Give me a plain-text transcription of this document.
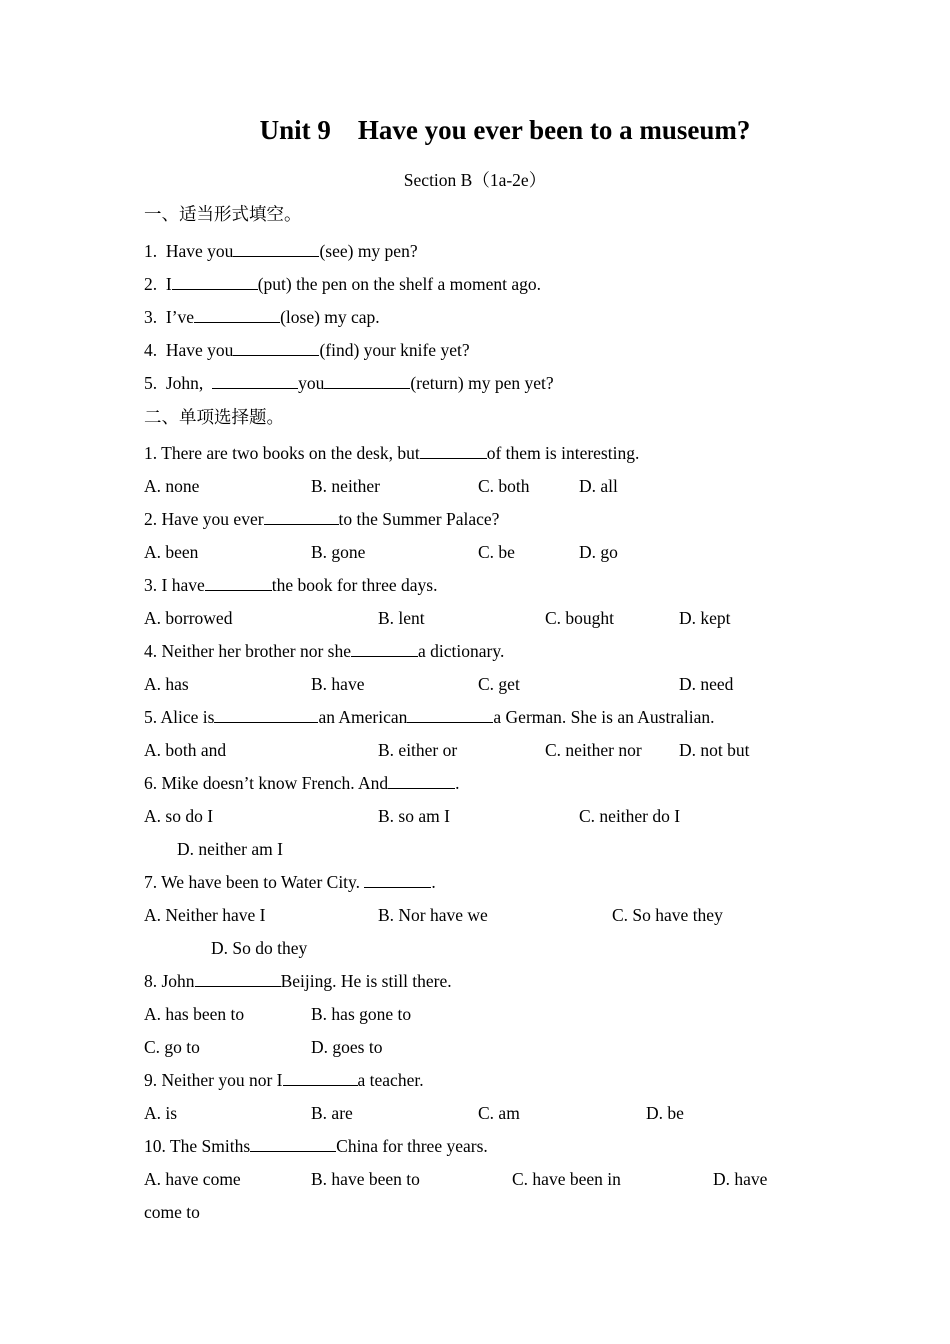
Unit 9    Have you ever been to a museum?
Section B（1a-2e）
一、适当形式填空。
1. Have you	(see) my pen?
2. I	(put) the pen on the shelf a moment ago.
3. I’ve	(lose) my cap.
4. Have you	(find) your knife yet?
5. John,	you	(return) my pen yet?
二、单项选择题。
1. There are two books on the desk, but	of them is interesting.
A. none	B. neither	C. both	D. all
2. Have you ever	to the Summer Palace?
A. been	B. gone	C. be	D. go
3. I have	the book for three days.
A. borrowed	B. lent	C. bought	D. kept
4. Neither her brother nor she	a dictionary.
A. has	B. have	C. get	D. need
5. Alice is	an American	a German. She is an Australian.
A. both and	B. either or	C. neither nor D. not but
6. Mike doesn’t know French. And	.
A. so do I	B. so am I	C. neither do I
D. neither am I
7. We have been to Water City.	.
A. Neither have I	B. Nor have we	C. So have they
D. So do they
8. John	Beijing. He is still there.
A. has been to	B. has gone to
C. go to	D. goes to
9. Neither you nor I	a teacher.
A. is	B. are	C. am	D. be
10. The Smiths	China for three years.
A. have come	B. have been to	C. have been in	D. have
come to
